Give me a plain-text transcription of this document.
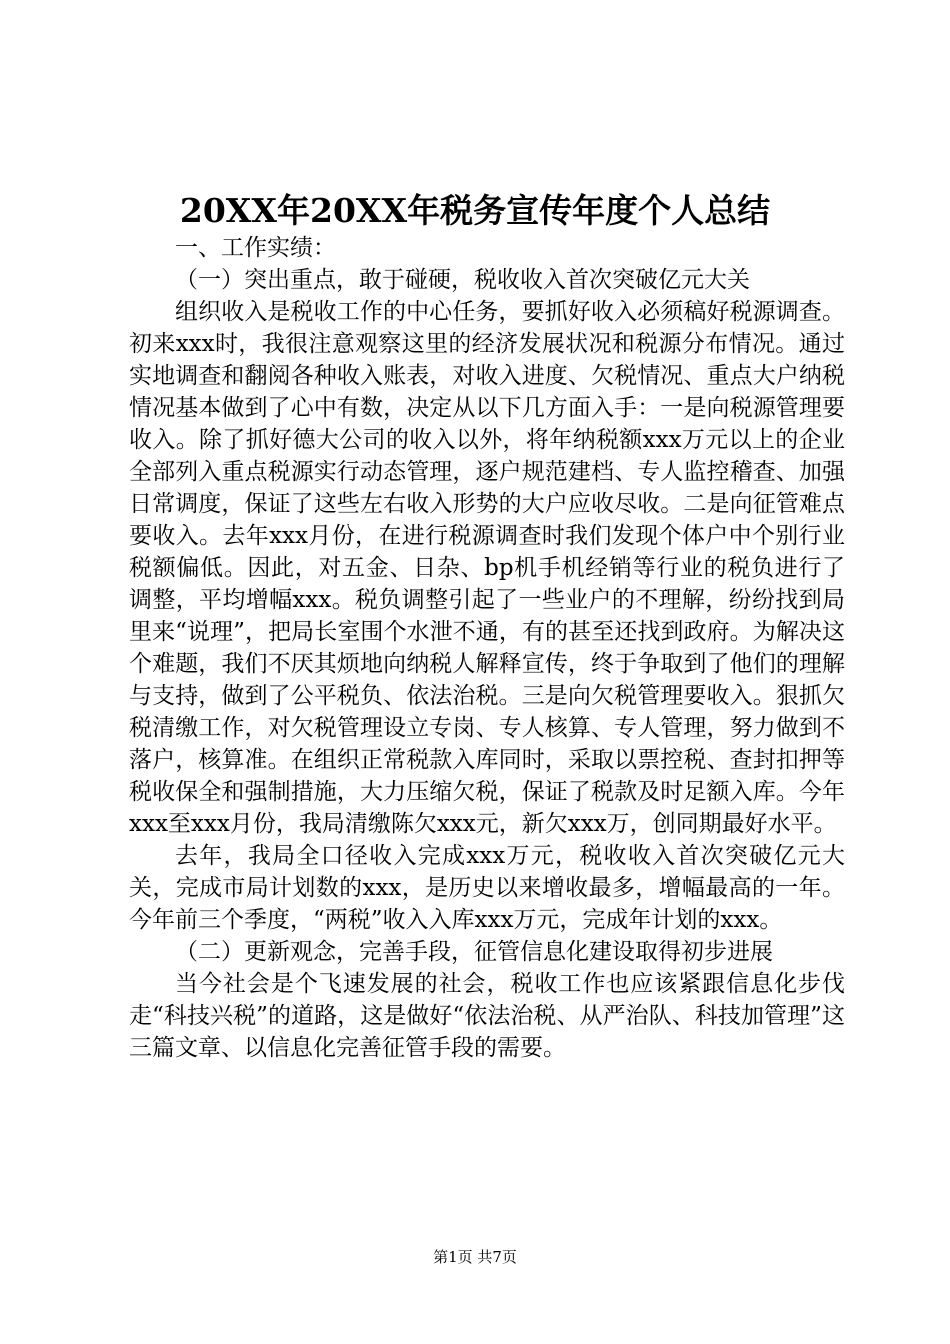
20XX年20XX年税务宣传年度个人总结

一、工作实绩：

（一）突出重点，敢于碰硬，税收收入首次突破亿元大关

组织收入是税收工作的中心任务，要抓好收入必须稿好税源调查。初来xxx时，我很注意观察这里的经济发展状况和税源分布情况。通过实地调查和翻阅各种收入账表，对收入进度、欠税情况、重点大户纳税情况基本做到了心中有数，决定从以下几方面入手：一是向税源管理要收入。除了抓好德大公司的收入以外，将年纳税额xxx万元以上的企业全部列入重点税源实行动态管理，逐户规范建档、专人监控稽查、加强日常调度，保证了这些左右收入形势的大户应收尽收。二是向征管难点要收入。去年xxx月份，在进行税源调查时我们发现个体户中个别行业税额偏低。因此，对五金、日杂、bp机手机经销等行业的税负进行了调整，平均增幅xxx。税负调整引起了一些业户的不理解，纷纷找到局里来“说理”，把局长室围个水泄不通，有的甚至还找到政府。为解决这个难题，我们不厌其烦地向纳税人解释宣传，终于争取到了他们的理解与支持，做到了公平税负、依法治税。三是向欠税管理要收入。狠抓欠税清缴工作，对欠税管理设立专岗、专人核算、专人管理，努力做到不落户，核算准。在组织正常税款入库同时，采取以票控税、查封扣押等税收保全和强制措施，大力压缩欠税，保证了税款及时足额入库。今年xxx至xxx月份，我局清缴陈欠xxx元，新欠xxx万，创同期最好水平。

去年，我局全口径收入完成xxx万元，税收收入首次突破亿元大关，完成市局计划数的xxx，是历史以来增收最多，增幅最高的一年。今年前三个季度，“两税”收入入库xxx万元，完成年计划的xxx。

（二）更新观念，完善手段，征管信息化建设取得初步进展

当今社会是个飞速发展的社会，税收工作也应该紧跟信息化步伐走“科技兴税”的道路，这是做好“依法治税、从严治队、科技加管理”这三篇文章、以信息化完善征管手段的需要。

第1页 共7页
